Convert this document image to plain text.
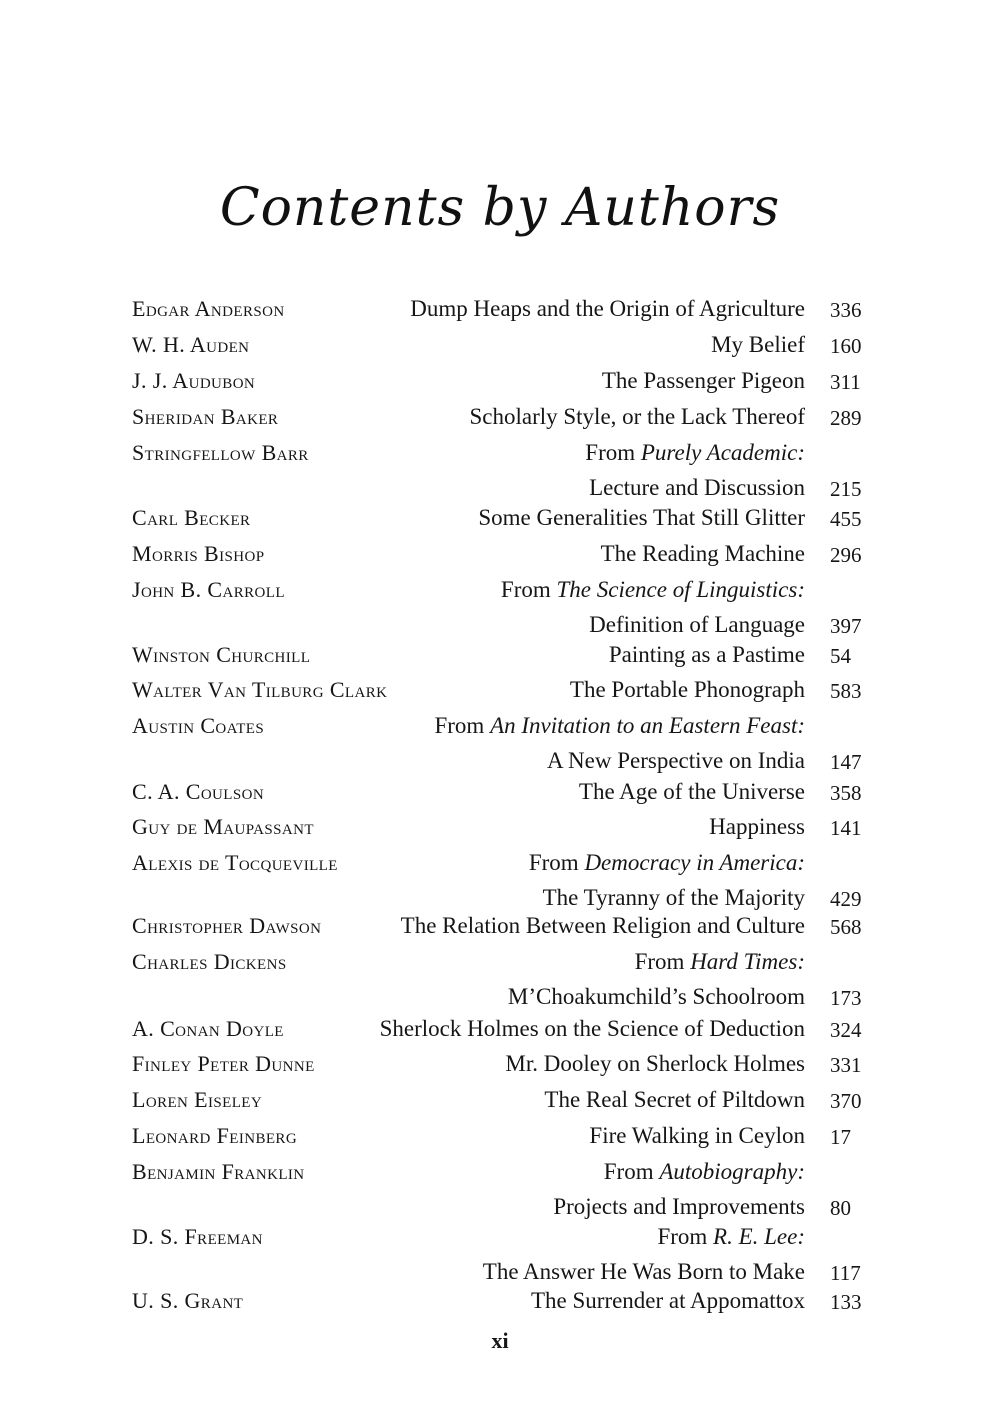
Contents by Authors
Edgar Anderson	Dump Heaps and the Origin of Agriculture 336
W. H. Auden	My Belief 160
J. J. Audubon	The Passenger Pigeon 311
Sheridan Baker	Scholarly Style, or the Lack Thereof 289
Stringfellow Barr	From Purely Academic:
Lecture and Discussion 215
Carl Becker	Some Generalities That Still Glitter 455
Morris Bishop	The Reading Machine 296
John B. Carroll	From The Science of Linguistics:
Definition of Language 397
Winston Churchill	Painting as a Pastime 54
Walter Van Tilburg Clark	The Portable Phonograph 583
Austin Coates	From An Invitation to an Eastern Feast:
A New Perspective on India 147
C. A. Coulson	The Age of the Universe 358
Guy de Maupassant	Happiness 141
Alexis de Tocqueville	From Democracy in America:
The Tyranny of the Majority 429
Christopher Dawson	The Relation Between Religion and Culture 568
Charles Dickens	From Hard Times:
M’Choakumchild’s Schoolroom 173
A. Conan Doyle	Sherlock Holmes on the Science of Deduction 324
Finley Peter Dunne	Mr. Dooley on Sherlock Holmes 331
Loren Eiseley	The Real Secret of Piltdown 370
Leonard Feinberg	Fire Walking in Ceylon 17
Benjamin Franklin	From Autobiography:
Projects and Improvements 80
D. S. Freeman	From R. E. Lee:
The Answer He Was Born to Make 117
U. S. Grant	The Surrender at Appomattox 133
xi
